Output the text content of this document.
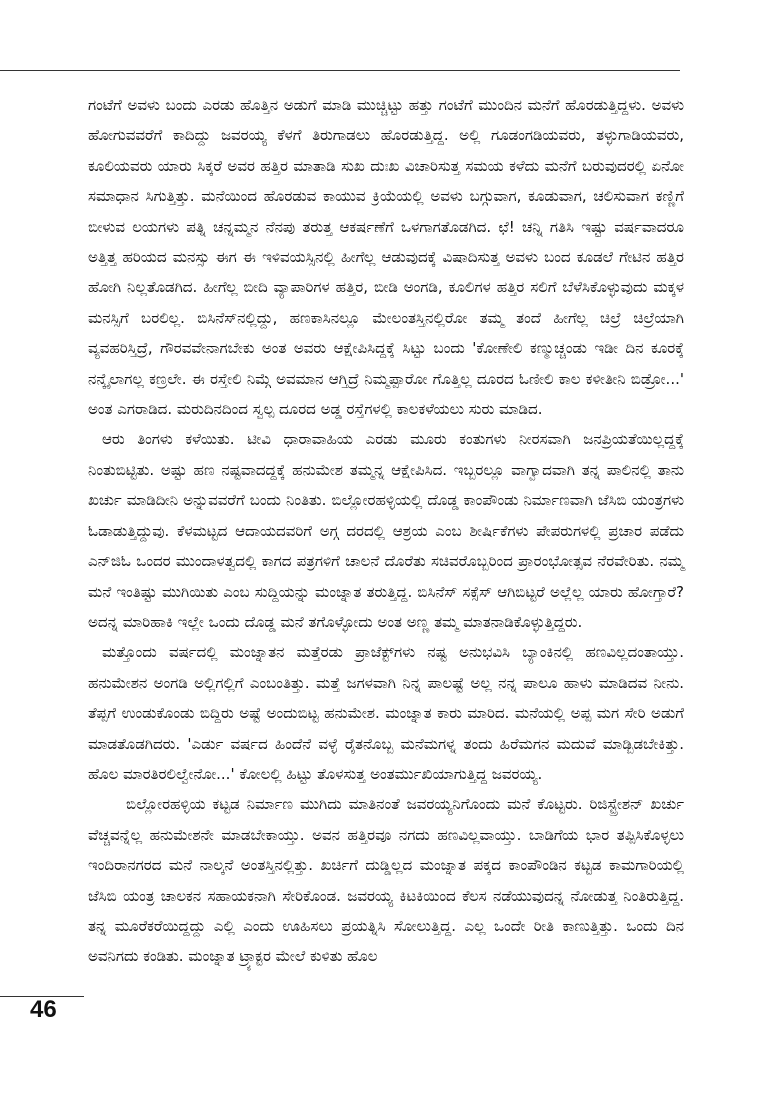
ಗಂಟೆಗೆ ಅವಳು ಬಂದು ಎರಡು ಹೊತ್ತಿನ ಅಡುಗೆ ಮಾಡಿ ಮುಚ್ಚಿಟ್ಟು ಹತ್ತು ಗಂಟೆಗೆ ಮುಂದಿನ ಮನೆಗೆ ಹೊರಡುತ್ತಿದ್ದಳು. ಅವಳು ಹೋಗುವವರೆಗೆ ಕಾದಿದ್ದು ಜವರಯ್ಯ ಕೆಳಗೆ ತಿರುಗಾಡಲು ಹೊರಡುತ್ತಿದ್ದ. ಅಲ್ಲಿ ಗೂಡಂಗಡಿಯವರು, ತಳ್ಳುಗಾಡಿಯವರು, ಕೂಲಿಯವರು ಯಾರು ಸಿಕ್ಕರೆ ಅವರ ಹತ್ತಿರ ಮಾತಾಡಿ ಸುಖ ದುಃಖ ವಿಚಾರಿಸುತ್ತ ಸಮಯ ಕಳೆದು ಮನೆಗೆ ಬರುವುದರಲ್ಲಿ ಏನೋ ಸಮಾಧಾನ ಸಿಗುತ್ತಿತ್ತು. ಮನೆಯಿಂದ ಹೊರಡುವ ಕಾಯುವ ಕ್ರಿಯೆಯಲ್ಲಿ ಅವಳು ಬಗ್ಗುವಾಗ, ಕೂಡುವಾಗ, ಚಲಿಸುವಾಗ ಕಣ್ಣಿಗೆ ಬೀಳುವ ಲಯಗಳು ಪತ್ನಿ ಚನ್ನಮ್ಮನ ನೆನಪು ತರುತ್ತ ಆಕರ್ಷಣೆಗೆ ಒಳಗಾಗತೊಡಗಿದ. ಛೆ! ಚನ್ನಿ ಗತಿಸಿ ಇಷ್ಟು ವರ್ಷವಾದರೂ ಅತ್ತಿತ್ತ ಹರಿಯದ ಮನಸ್ಸು ಈಗ ಈ ಇಳಿವಯಸ್ಸಿನಲ್ಲಿ ಹೀಗೆಲ್ಲ ಆಡುವುದಕ್ಕೆ ವಿಷಾದಿಸುತ್ತ ಅವಳು ಬಂದ ಕೂಡಲೆ ಗೇಟಿನ ಹತ್ತಿರ ಹೋಗಿ ನಿಲ್ಲತೊಡಗಿದ. ಹೀಗೆಲ್ಲ ಬೀದಿ ವ್ಯಾಪಾರಿಗಳ ಹತ್ತಿರ, ಬೀಡಿ ಅಂಗಡಿ, ಕೂಲಿಗಳ ಹತ್ತಿರ ಸಲಿಗೆ ಬೆಳೆಸಿಕೊಳ್ಳುವುದು ಮಕ್ಕಳ ಮನಸ್ಸಿಗೆ ಬರಲಿಲ್ಲ. ಬಿಸಿನೆಸ್‌ನಲ್ಲಿದ್ದು, ಹಣಕಾಸಿನಲ್ಲೂ ಮೇಲಂತಸ್ತಿನಲ್ಲಿರೋ ತಮ್ಮ ತಂದೆ ಹೀಗೆಲ್ಲ ಚಿಲ್ರೆ ಚಿಲ್ರೆಯಾಗಿ ವ್ಯವಹರಿಸ್ತಿದ್ರೆ, ಗೌರವವೇನಾಗಬೇಕು ಅಂತ ಅವರು ಆಕ್ಷೇಪಿಸಿದ್ದಕ್ಕೆ ಸಿಟ್ಟು ಬಂದು 'ಕೋಣೇಲಿ ಕಣ್ಮುಚ್ಚಂಡು ಇಡೀ ದಿನ ಕೂರಕ್ಕೆ ನನ್ಕೈಲಾಗಲ್ಲ ಕಣ್ರಲೇ. ಈ ರಸ್ತೇಲಿ ನಿಮ್ಗೆ ಅವಮಾನ ಆಗ್ತಿದ್ರೆ ನಿಮ್ಮಪ್ಪಾರೋ ಗೊತ್ತಿಲ್ಲ ದೂರದ ಓಣೀಲಿ ಕಾಲ ಕಳೀತೀನಿ ಬಿಡ್ರೋ...' ಅಂತ ಎಗರಾಡಿದ. ಮರುದಿನದಿಂದ ಸ್ವಲ್ಪ ದೂರದ ಅಡ್ಡ ರಸ್ತೆಗಳಲ್ಲಿ ಕಾಲಕಳೆಯಲು ಸುರು ಮಾಡಿದ.

ಆರು ತಿಂಗಳು ಕಳೆಯಿತು. ಟೀವಿ ಧಾರಾವಾಹಿಯ ಎರಡು ಮೂರು ಕಂತುಗಳು ನೀರಸವಾಗಿ ಜನಪ್ರಿಯತೆಯಿಲ್ಲದ್ದಕ್ಕೆ ನಿಂತುಬಿಟ್ಟಿತು. ಅಷ್ಟು ಹಣ ನಷ್ಟವಾದದ್ದಕ್ಕೆ ಹನುಮೇಶ ತಮ್ಮನ್ನ ಆಕ್ಷೇಪಿಸಿದ. ಇಬ್ಬರಲ್ಲೂ ವಾಗ್ವಾದವಾಗಿ ತನ್ನ ಪಾಲಿನಲ್ಲಿ ತಾನು ಖರ್ಚು ಮಾಡಿದೀನಿ ಅನ್ನುವವರೆಗೆ ಬಂದು ನಿಂತಿತು. ಬಿಲ್ಲೋರಹಳ್ಳಿಯಲ್ಲಿ ದೊಡ್ಡ ಕಾಂಪೌಂಡು ನಿರ್ಮಾಣವಾಗಿ ಜೆಸಿಬಿ ಯಂತ್ರಗಳು ಓಡಾಡುತ್ತಿದ್ದುವು. ಕೆಳಮಟ್ಟದ ಆದಾಯದವರಿಗೆ ಅಗ್ಗ ದರದಲ್ಲಿ ಆಶ್ರಯ ಎಂಬ ಶೀರ್ಷಿಕೆಗಳು ಪೇಪರುಗಳಲ್ಲಿ ಪ್ರಚಾರ ಪಡೆದು ಎನ್‌ಜಿಓ ಒಂದರ ಮುಂದಾಳತ್ವದಲ್ಲಿ ಕಾಗದ ಪತ್ರಗಳಿಗೆ ಚಾಲನೆ ದೊರೆತು ಸಚಿವರೊಬ್ಬರಿಂದ ಪ್ರಾರಂಭೋತ್ಸವ ನೆರವೇರಿತು. ನಮ್ಮ ಮನೆ ಇಂತಿಷ್ಟು ಮುಗಿಯಿತು ಎಂಬ ಸುದ್ದಿಯನ್ನು ಮಂಜ್ನಾತ ತರುತ್ತಿದ್ದ. ಬಿಸಿನೆಸ್ ಸಕ್ಸೆಸ್ ಆಗಿಬಿಟ್ಟರೆ ಅಲ್ಲೆಲ್ಲ ಯಾರು ಹೋಗ್ತಾರೆ? ಅದನ್ನ ಮಾರಿಹಾಕಿ ಇಲ್ಲೇ ಒಂದು ದೊಡ್ಡ ಮನೆ ತಗೊಳ್ಳೋದು ಅಂತ ಅಣ್ಣ ತಮ್ಮ ಮಾತನಾಡಿಕೊಳ್ಳುತ್ತಿದ್ದರು.

ಮತ್ತೊಂದು ವರ್ಷದಲ್ಲಿ ಮಂಜ್ನಾತನ ಮತ್ತೆರಡು ಪ್ರಾಜೆಕ್ಟ್‌ಗಳು ನಷ್ಟ ಅನುಭವಿಸಿ ಬ್ಯಾಂಕಿನಲ್ಲಿ ಹಣವಿಲ್ಲದಂತಾಯ್ತು. ಹನುಮೇಶನ ಅಂಗಡಿ ಅಲ್ಲಿಗಲ್ಲಿಗೆ ಎಂಬಂತಿತ್ತು. ಮತ್ತೆ ಜಗಳವಾಗಿ ನಿನ್ನ ಪಾಲಷ್ಟೆ ಅಲ್ಲ ನನ್ನ ಪಾಲೂ ಹಾಳು ಮಾಡಿದವ ನೀನು. ತೆಪ್ಪಗೆ ಉಂಡುಕೊಂಡು ಬಿದ್ದಿರು ಅಷ್ಟೆ ಅಂದುಬಿಟ್ಟ ಹನುಮೇಶ. ಮಂಜ್ನಾತ ಕಾರು ಮಾರಿದ. ಮನೆಯಲ್ಲಿ ಅಪ್ಪ ಮಗ ಸೇರಿ ಅಡುಗೆ ಮಾಡತೊಡಗಿದರು. 'ಎರ್ಡು ವರ್ಷದ ಹಿಂದೆನೆ ವಳ್ಳೆ ರೈತನೊಬ್ಬ ಮನೆಮಗಳ್ನ ತಂದು ಹಿರೆಮಗನ ಮದುವೆ ಮಾಡ್ಬಿಡಬೇಕಿತ್ತು. ಹೊಲ ಮಾರತಿರಲಿಲ್ವೇನೋ...' ಕೋಲಲ್ಲಿ ಹಿಟ್ಟು ತೊಳಸುತ್ತ ಅಂತರ್ಮುಖಿಯಾಗುತ್ತಿದ್ದ ಜವರಯ್ಯ.

ಬಿಲ್ಲೋರಹಳ್ಳಿಯ ಕಟ್ಟಡ ನಿರ್ಮಾಣ ಮುಗಿದು ಮಾತಿನಂತೆ ಜವರಯ್ಯನಿಗೊಂದು ಮನೆ ಕೊಟ್ಟರು. ರಿಜಿಸ್ಟ್ರೇಶನ್ ಖರ್ಚು ವೆಚ್ಚವನ್ನೆಲ್ಲ ಹನುಮೇಶನೇ ಮಾಡಬೇಕಾಯ್ತು. ಅವನ ಹತ್ತಿರವೂ ನಗದು ಹಣವಿಲ್ಲವಾಯ್ತು. ಬಾಡಿಗೆಯ ಭಾರ ತಪ್ಪಿಸಿಕೊಳ್ಳಲು ಇಂದಿರಾನಗರದ ಮನೆ ನಾಲ್ಕನೆ ಅಂತಸ್ತಿನಲ್ಲಿತ್ತು. ಖರ್ಚಿಗೆ ದುಡ್ಡಿಲ್ಲದ ಮಂಜ್ನಾತ ಪಕ್ಕದ ಕಾಂಪೌಂಡಿನ ಕಟ್ಟಡ ಕಾಮಗಾರಿಯಲ್ಲಿ ಜೆಸಿಬಿ ಯಂತ್ರ ಚಾಲಕನ ಸಹಾಯಕನಾಗಿ ಸೇರಿಕೊಂಡ. ಜವರಯ್ಯ ಕಿಟಕಿಯಿಂದ ಕೆಲಸ ನಡೆಯುವುದನ್ನ ನೋಡುತ್ತ ನಿಂತಿರುತ್ತಿದ್ದ. ತನ್ನ ಮೂರೆಕರೆಯಿದ್ದದ್ದು ಎಲ್ಲಿ ಎಂದು ಊಹಿಸಲು ಪ್ರಯತ್ನಿಸಿ ಸೋಲುತ್ತಿದ್ದ. ಎಲ್ಲ ಒಂದೇ ರೀತಿ ಕಾಣುತ್ತಿತ್ತು. ಒಂದು ದಿನ ಅವನಿಗದು ಕಂಡಿತು. ಮಂಜ್ನಾತ ಟ್ರ್ಯಾಕ್ಟರ ಮೇಲೆ ಕುಳಿತು ಹೊಲ

46
